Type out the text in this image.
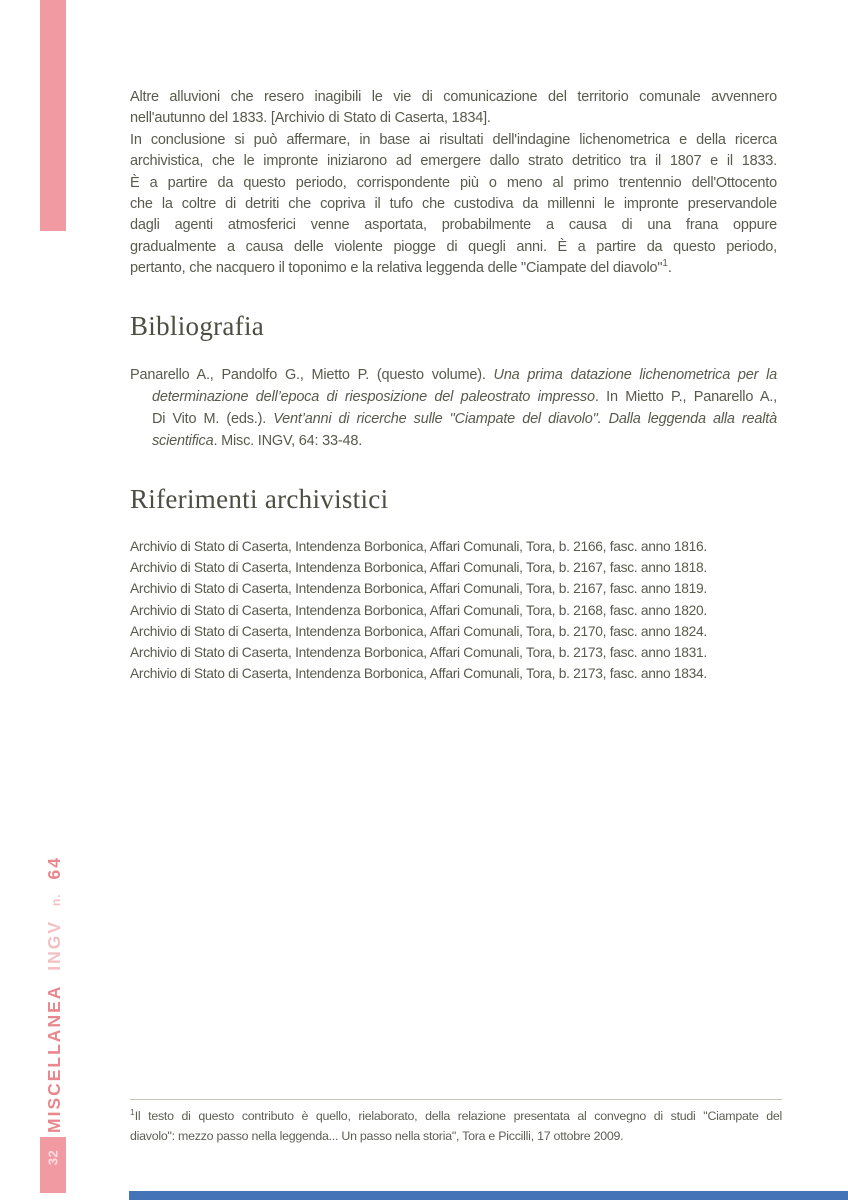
Altre alluvioni che resero inagibili le vie di comunicazione del territorio comunale avvennero
nell'autunno del 1833. [Archivio di Stato di Caserta, 1834].
In conclusione si può affermare, in base ai risultati dell'indagine lichenometrica e della ricerca
archivistica, che le impronte iniziarono ad emergere dallo strato detritico tra il 1807 e il 1833.
È a partire da questo periodo, corrispondente più o meno al primo trentennio dell'Ottocento
che la coltre di detriti che copriva il tufo che custodiva da millenni le impronte preservandole
dagli agenti atmosferici venne asportata, probabilmente a causa di una frana oppure
gradualmente a causa delle violente piogge di quegli anni. È a partire da questo periodo,
pertanto, che nacquero il toponimo e la relativa leggenda delle "Ciampate del diavolo"$^1$.
Bibliografia
Panarello A., Pandolfo G., Mietto P. (questo volume). Una prima datazione lichenometrica per la
determinazione dell’epoca di riesposizione del paleostrato impresso. In Mietto P., Panarello A.,
Di Vito M. (eds.). Vent’anni di ricerche sulle "Ciampate del diavolo". Dalla leggenda alla realtà
scientifica. Misc. INGV, 64: 33-48.
Riferimenti archivistici
Archivio di Stato di Caserta, Intendenza Borbonica, Affari Comunali, Tora, b. 2166, fasc. anno 1816.
Archivio di Stato di Caserta, Intendenza Borbonica, Affari Comunali, Tora, b. 2167, fasc. anno 1818.
Archivio di Stato di Caserta, Intendenza Borbonica, Affari Comunali, Tora, b. 2167, fasc. anno 1819.
Archivio di Stato di Caserta, Intendenza Borbonica, Affari Comunali, Tora, b. 2168, fasc. anno 1820.
Archivio di Stato di Caserta, Intendenza Borbonica, Affari Comunali, Tora, b. 2170, fasc. anno 1824.
Archivio di Stato di Caserta, Intendenza Borbonica, Affari Comunali, Tora, b. 2173, fasc. anno 1831.
Archivio di Stato di Caserta, Intendenza Borbonica, Affari Comunali, Tora, b. 2173, fasc. anno 1834.
$^1$Il testo di questo contributo è quello, rielaborato, della relazione presentata al convegno di studi "Ciampate del
diavolo": mezzo passo nella leggenda... Un passo nella storia", Tora e Piccilli, 17 ottobre 2009.
MISCELLANEA INGV n. 64
32
